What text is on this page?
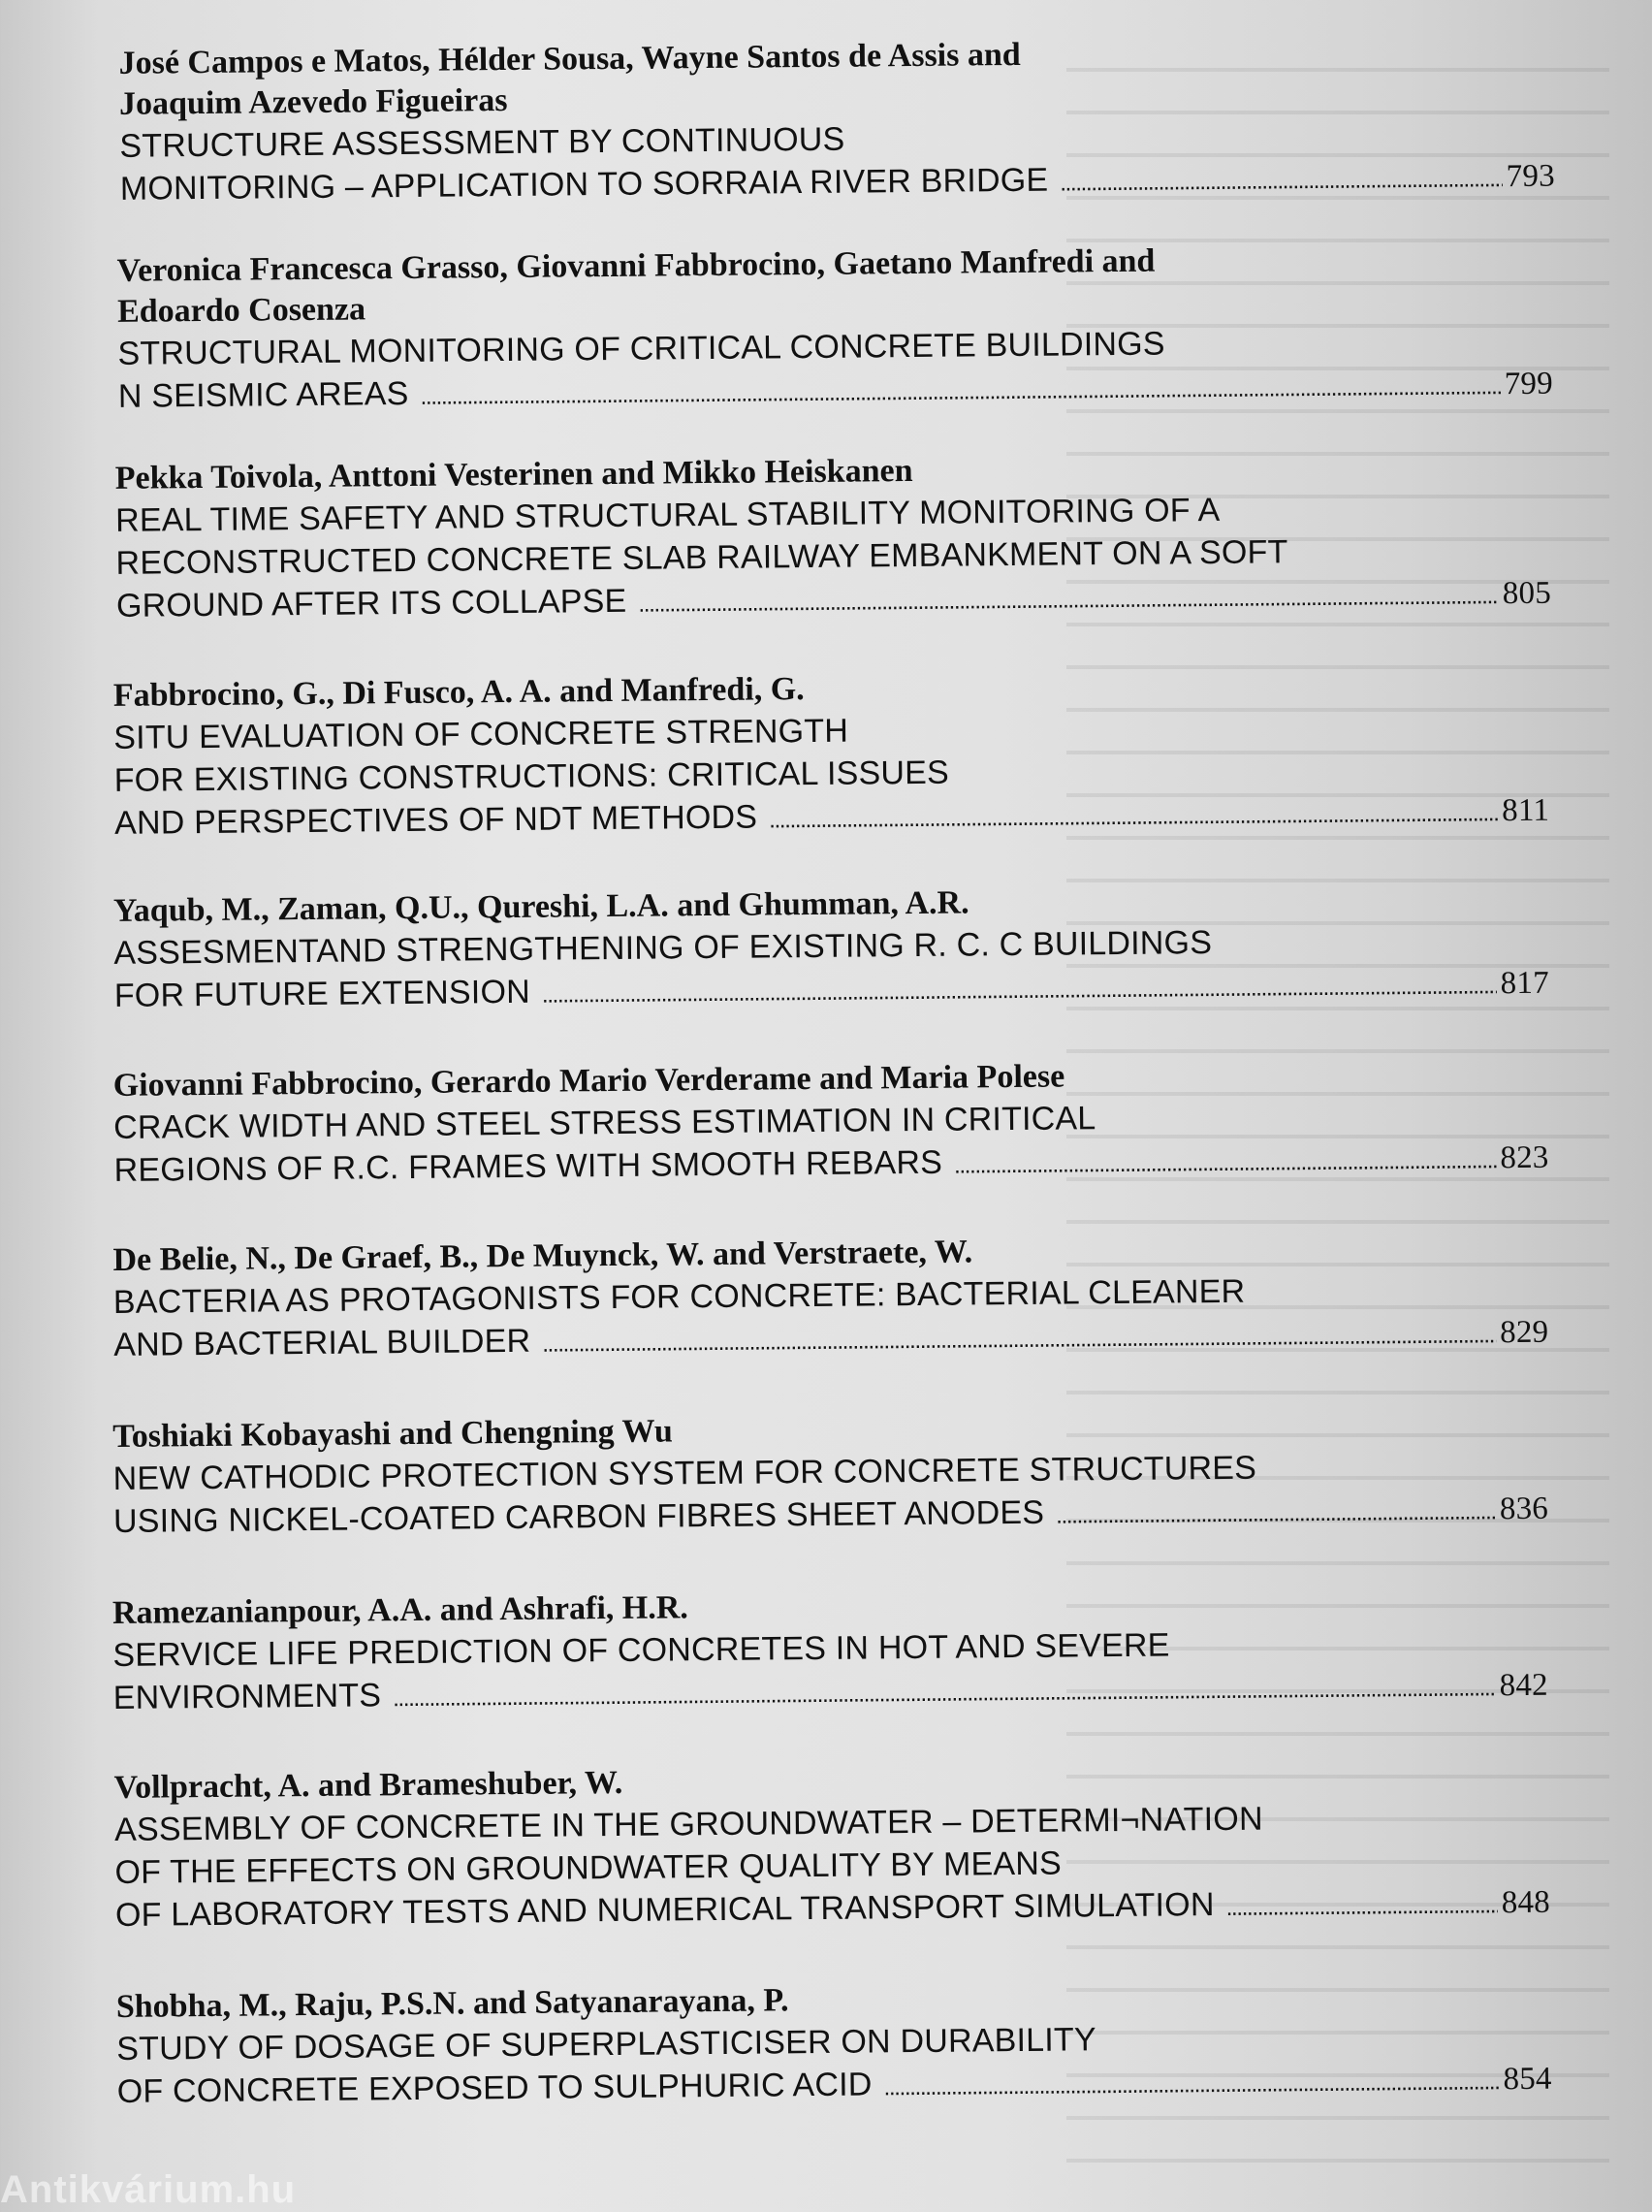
José Campos e Matos, Hélder Sousa, Wayne Santos de Assis and
Joaquim Azevedo Figueiras
STRUCTURE ASSESSMENT BY CONTINUOUS
MONITORING – APPLICATION TO SORRAIA RIVER BRIDGE . . .	793
Veronica Francesca Grasso, Giovanni Fabbrocino, Gaetano Manfredi and
Edoardo Cosenza
STRUCTURAL MONITORING OF CRITICAL CONCRETE BUILDINGS
N SEISMIC AREAS . . .	799
Pekka Toivola, Anttoni Vesterinen and Mikko Heiskanen
REAL TIME SAFETY AND STRUCTURAL STABILITY MONITORING OF A
RECONSTRUCTED CONCRETE SLAB RAILWAY EMBANKMENT ON A SOFT
GROUND AFTER ITS COLLAPSE . . .	805
Fabbrocino, G., Di Fusco, A. A. and Manfredi, G.
SITU EVALUATION OF CONCRETE STRENGTH
FOR EXISTING CONSTRUCTIONS: CRITICAL ISSUES
AND PERSPECTIVES OF NDT METHODS . . .	811
Yaqub, M., Zaman, Q.U., Qureshi, L.A. and Ghumman, A.R.
ASSESMENTAND STRENGTHENING OF EXISTING R. C. C BUILDINGS
FOR FUTURE EXTENSION . . .	817
Giovanni Fabbrocino, Gerardo Mario Verderame and Maria Polese
CRACK WIDTH AND STEEL STRESS ESTIMATION IN CRITICAL
REGIONS OF R.C. FRAMES WITH SMOOTH REBARS . . .	823
De Belie, N., De Graef, B., De Muynck, W. and Verstraete, W.
BACTERIA AS PROTAGONISTS FOR CONCRETE: BACTERIAL CLEANER
AND BACTERIAL BUILDER . . .	829
Toshiaki Kobayashi and Chengning Wu
NEW CATHODIC PROTECTION SYSTEM FOR CONCRETE STRUCTURES
USING NICKEL-COATED CARBON FIBRES SHEET ANODES . . .	836
Ramezanianpour, A.A. and Ashrafi, H.R.
SERVICE LIFE PREDICTION OF CONCRETES IN HOT AND SEVERE
ENVIRONMENTS . . .	842
Vollpracht, A. and Brameshuber, W.
ASSEMBLY OF CONCRETE IN THE GROUNDWATER – DETERMI¬NATION
OF THE EFFECTS ON GROUNDWATER QUALITY BY MEANS
OF LABORATORY TESTS AND NUMERICAL TRANSPORT SIMULATION . . .	848
Shobha, M., Raju, P.S.N. and Satyanarayana, P.
STUDY OF DOSAGE OF SUPERPLASTICISER ON DURABILITY
OF CONCRETE EXPOSED TO SULPHURIC ACID . . .	854
Antikvárium.hu
